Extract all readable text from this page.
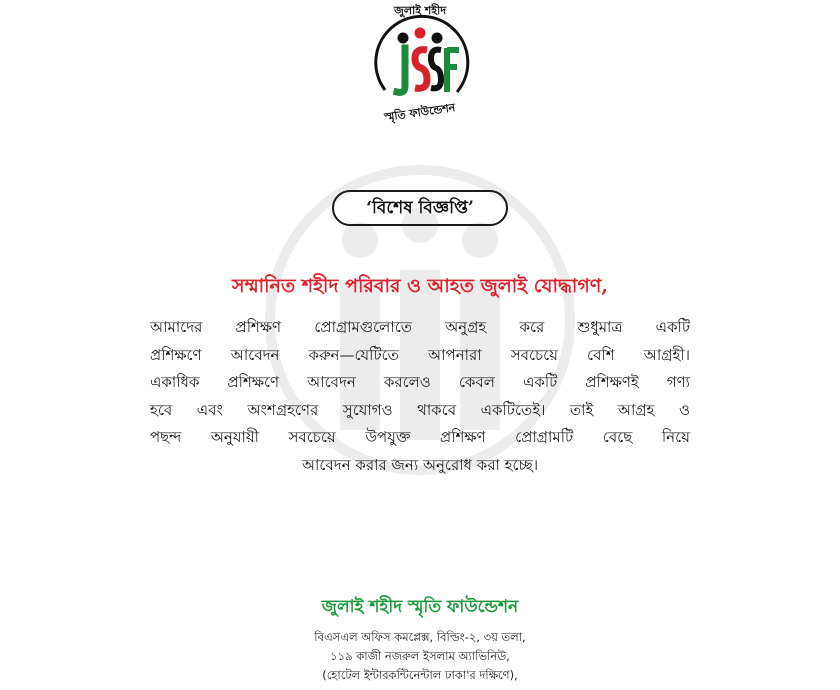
জুলাই শহীদ
স্মৃতি ফাউন্ডেশন
‘বিশেষ বিজ্ঞপ্তি’
সম্মানিত শহীদ পরিবার ও আহত জুলাই যোদ্ধাগণ,
আমাদের প্রশিক্ষণ প্রোগ্রামগুলোতে অনুগ্রহ করে শুধুমাত্র একটি
প্রশিক্ষণে আবেদন করুন—যেটিতে আপনারা সবচেয়ে বেশি আগ্রহী।
একাধিক প্রশিক্ষণে আবেদন করলেও কেবল একটি প্রশিক্ষণই গণ্য
হবে এবং অংশগ্রহণের সুযোগও থাকবে একটিতেই। তাই আগ্রহ ও
পছন্দ অনুযায়ী সবচেয়ে উপযুক্ত প্রশিক্ষণ প্রোগ্রামটি বেছে নিয়ে
আবেদন করার জন্য অনুরোধ করা হচ্ছে।
জুলাই শহীদ স্মৃতি ফাউন্ডেশন
বিএসএল অফিস কমপ্লেক্স, বিল্ডিং-২, ৩য় তলা,
১১৯ কাজী নজরুল ইসলাম অ্যাভিনিউ,
(হোটেল ইন্টারকন্টিনেন্টাল ঢাকা'র দক্ষিণে),
